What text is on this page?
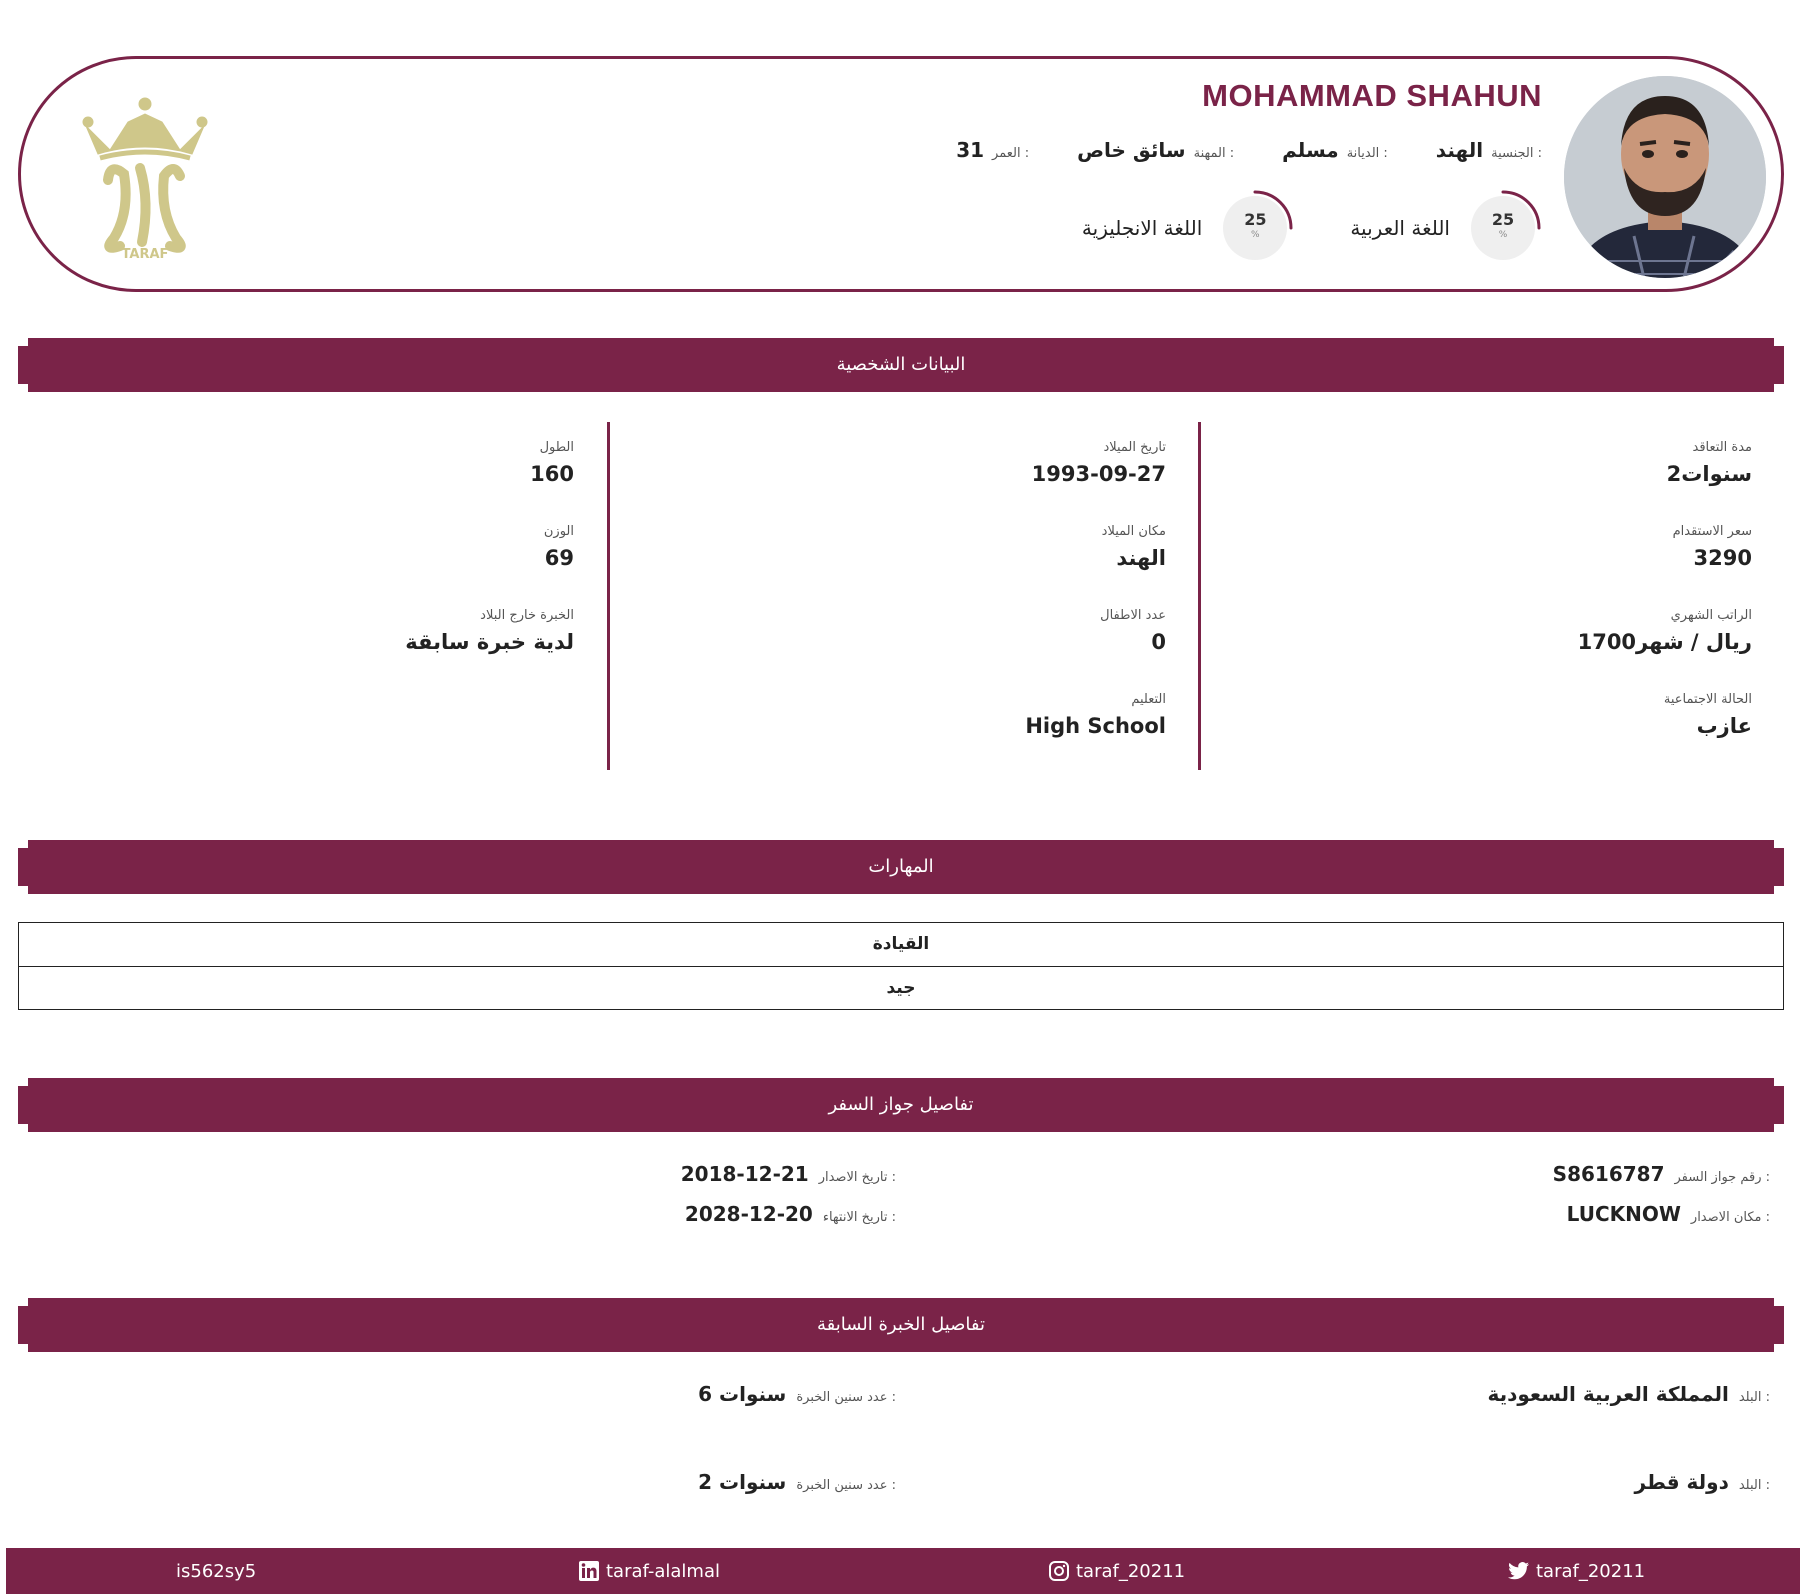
MOHAMMAD SHAHUN
الجنسية :
الهند
الديانة :
مسلم
المهنة :
سائق خاص
العمر :
31
25
%
اللغة العربية
25
%
اللغة الانجليزية
TARAF
البيانات الشخصية
مدة التعاقد
2سنوات
سعر الاستقدام
3290
الراتب الشهري
1700ريال / شهر
الحالة الاجتماعية
عازب
تاريخ الميلاد
1993-09-27
مكان الميلاد
الهند
عدد الاطفال
0
التعليم
High School
الطول
160
الوزن
69
الخبرة خارج البلاد
لدية خبرة سابقة
المهارات
القيادة
جيد
تفاصيل جواز السفر
رقم جواز السفر :
S8616787
مكان الاصدار :
LUCKNOW
تاريخ الاصدار :
2018-12-21
تاريخ الانتهاء :
2028-12-20
تفاصيل الخبرة السابقة
البلد :
المملكة العربية السعودية
عدد سنين الخبرة :
6 سنوات
البلد :
دولة قطر
عدد سنين الخبرة :
2 سنوات
is562sy5	taraf-alalmal	taraf_20211	taraf_20211
